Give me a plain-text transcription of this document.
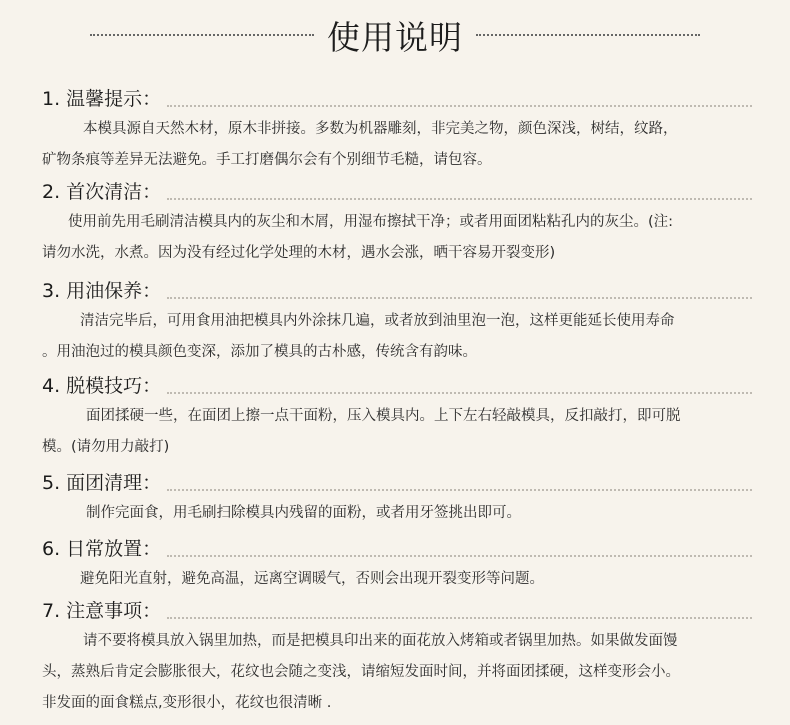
使用说明
1. 温馨提示：
本模具源自天然木材，原木非拼接。多数为机器雕刻，非完美之物，颜色深浅，树结，纹路，
矿物条痕等差异无法避免。手工打磨偶尔会有个别细节毛糙，请包容。
2. 首次清洁：
使用前先用毛刷清洁模具内的灰尘和木屑，用湿布擦拭干净；或者用面团粘粘孔内的灰尘。(注:
请勿水洗，水煮。因为没有经过化学处理的木材，遇水会涨，晒干容易开裂变形)
3. 用油保养：
清洁完毕后，可用食用油把模具内外涂抹几遍，或者放到油里泡一泡，这样更能延长使用寿命
。用油泡过的模具颜色变深，添加了模具的古朴感，传统含有韵味。
4. 脱模技巧：
面团揉硬一些，在面团上擦一点干面粉，压入模具内。上下左右轻敲模具，反扣敲打，即可脱
模。(请勿用力敲打)
5. 面团清理：
制作完面食，用毛刷扫除模具内残留的面粉，或者用牙签挑出即可。
6. 日常放置：
避免阳光直射，避免高温，远离空调暖气，否则会出现开裂变形等问题。
7. 注意事项：
请不要将模具放入锅里加热，而是把模具印出来的面花放入烤箱或者锅里加热。如果做发面馒
头，蒸熟后肯定会膨胀很大，花纹也会随之变浅，请缩短发面时间，并将面团揉硬，这样变形会小。
非发面的面食糕点,变形很小，花纹也很清晰 .
